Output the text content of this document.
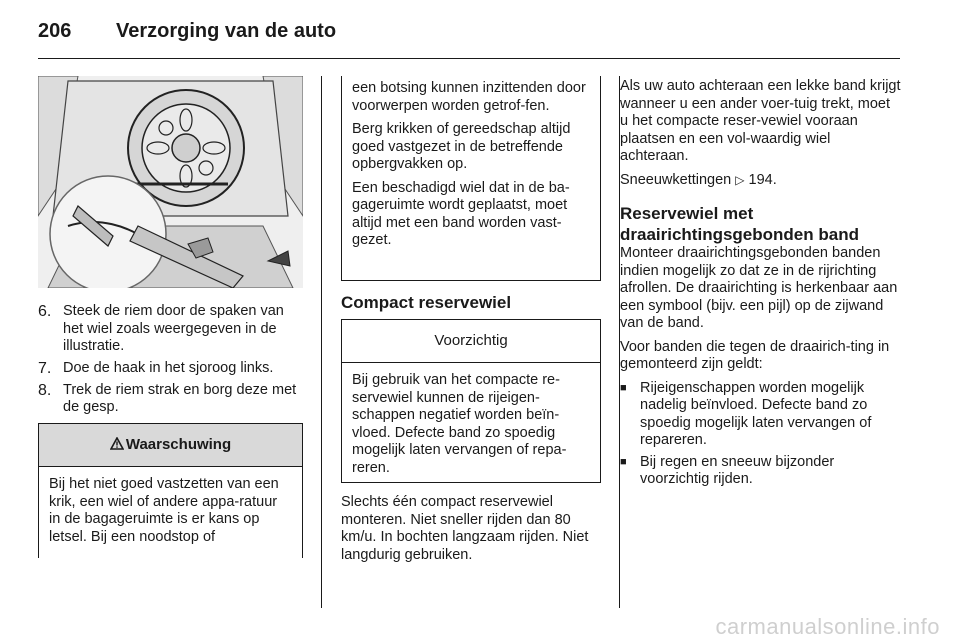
206 Verzorging van de auto
6. Steek de riem door de spaken van het wiel zoals weergegeven in de illustratie.

7. Doe de haak in het sjoroog links.

8. Trek de riem strak en borg deze met de gesp.

Waarschuwing

Bij het niet goed vastzetten van een krik, een wiel of andere appa-ratuur in de bagageruimte is er kans op letsel. Bij een noodstop of

een botsing kunnen inzittenden door voorwerpen worden getrof-fen.

Berg krikken of gereedschap altijd goed vastgezet in de betreffende opbergvakken op.

Een beschadigd wiel dat in de ba-gageruimte wordt geplaatst, moet altijd met een band worden vast-gezet.

Compact reservewiel
Voorzichtig

Bij gebruik van het compacte re-servewiel kunnen de rijeigen-schappen negatief worden beïn-vloed. Defecte band zo spoedig mogelijk laten vervangen of repa-reren.

Slechts één compact reservewiel monteren. Niet sneller rijden dan 80 km/u. In bochten langzaam rijden. Niet langdurig gebruiken.

Als uw auto achteraan een lekke band krijgt wanneer u een ander voer-tuig trekt, moet u het compacte reser-vewiel vooraan plaatsen en een vol-waardig wiel achteraan.

Sneeuwkettingen ▷ 194.

Reservewiel met draairichtingsgebonden band

Monteer draairichtingsgebonden banden indien mogelijk zo dat ze in de rijrichting afrollen. De draairichting is herkenbaar aan een symbool (bijv. een pijl) op de zijwand van de band.

Voor banden die tegen de draairich-ting in gemonteerd zijn geldt:

■ Rijeigenschappen worden mogelijk nadelig beïnvloed. Defecte band zo spoedig mogelijk laten vervangen of repareren.

■ Bij regen en sneeuw bijzonder voorzichtig rijden.

carmanualsonline.info
